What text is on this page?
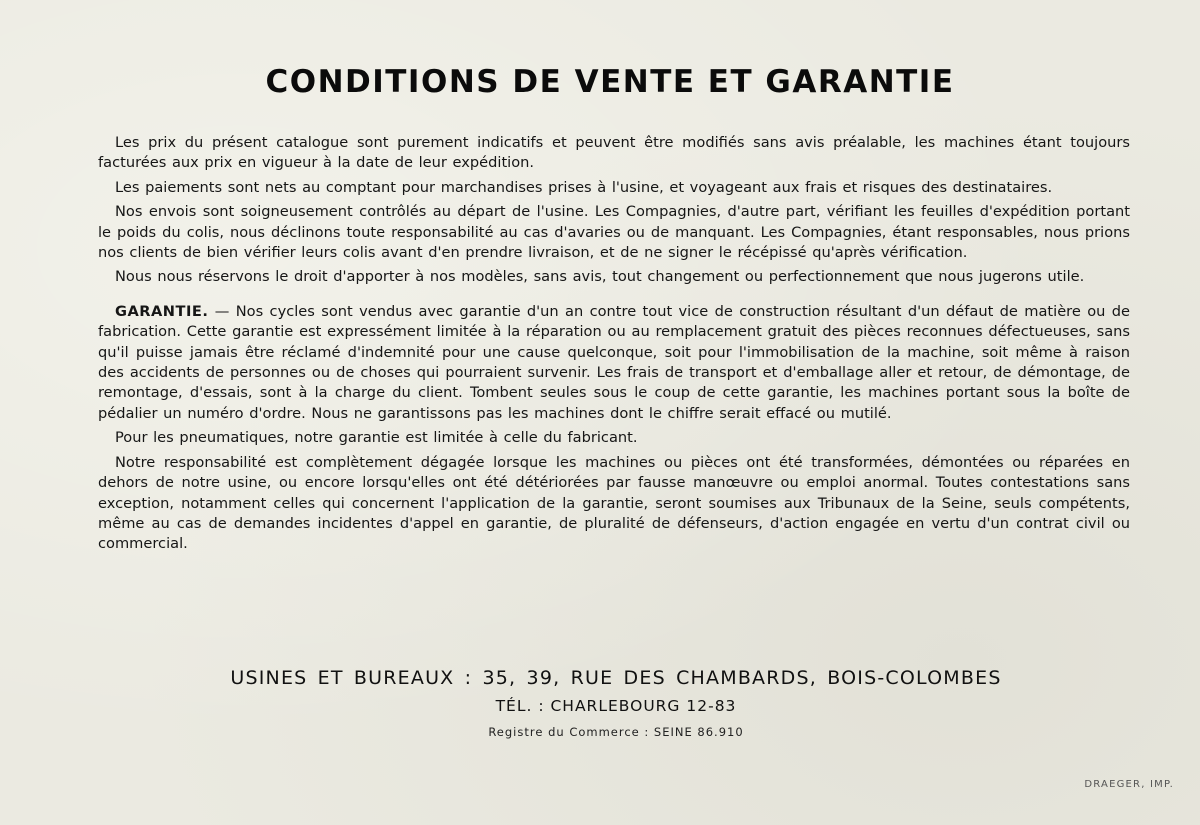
CONDITIONS DE VENTE ET GARANTIE

Les prix du présent catalogue sont purement indicatifs et peuvent être modifiés sans avis préalable, les machines étant toujours facturées aux prix en vigueur à la date de leur expédition.

Les paiements sont nets au comptant pour marchandises prises à l'usine, et voyageant aux frais et risques des destinataires.

Nos envois sont soigneusement contrôlés au départ de l'usine. Les Compagnies, d'autre part, vérifiant les feuilles d'expédition portant le poids du colis, nous déclinons toute responsabilité au cas d'avaries ou de manquant. Les Compagnies, étant responsables, nous prions nos clients de bien vérifier leurs colis avant d'en prendre livraison, et de ne signer le récépissé qu'après vérification.

Nous nous réservons le droit d'apporter à nos modèles, sans avis, tout changement ou perfectionnement que nous jugerons utile.

GARANTIE. — Nos cycles sont vendus avec garantie d'un an contre tout vice de construction résultant d'un défaut de matière ou de fabrication. Cette garantie est expressément limitée à la réparation ou au remplacement gratuit des pièces reconnues défectueuses, sans qu'il puisse jamais être réclamé d'indemnité pour une cause quelconque, soit pour l'immobilisation de la machine, soit même à raison des accidents de personnes ou de choses qui pourraient survenir. Les frais de transport et d'emballage aller et retour, de démontage, de remontage, d'essais, sont à la charge du client. Tombent seules sous le coup de cette garantie, les machines portant sous la boîte de pédalier un numéro d'ordre. Nous ne garantissons pas les machines dont le chiffre serait effacé ou mutilé.

Pour les pneumatiques, notre garantie est limitée à celle du fabricant.

Notre responsabilité est complètement dégagée lorsque les machines ou pièces ont été transformées, démontées ou réparées en dehors de notre usine, ou encore lorsqu'elles ont été détériorées par fausse manœuvre ou emploi anormal. Toutes contestations sans exception, notamment celles qui concernent l'application de la garantie, seront soumises aux Tribunaux de la Seine, seuls compétents, même au cas de demandes incidentes d'appel en garantie, de pluralité de défenseurs, d'action engagée en vertu d'un contrat civil ou commercial.

USINES ET BUREAUX : 35, 39, RUE DES CHAMBARDS, BOIS-COLOMBES
TÉL. : CHARLEBOURG 12-83
Registre du Commerce : SEINE 86.910
DRAEGER, IMP.
